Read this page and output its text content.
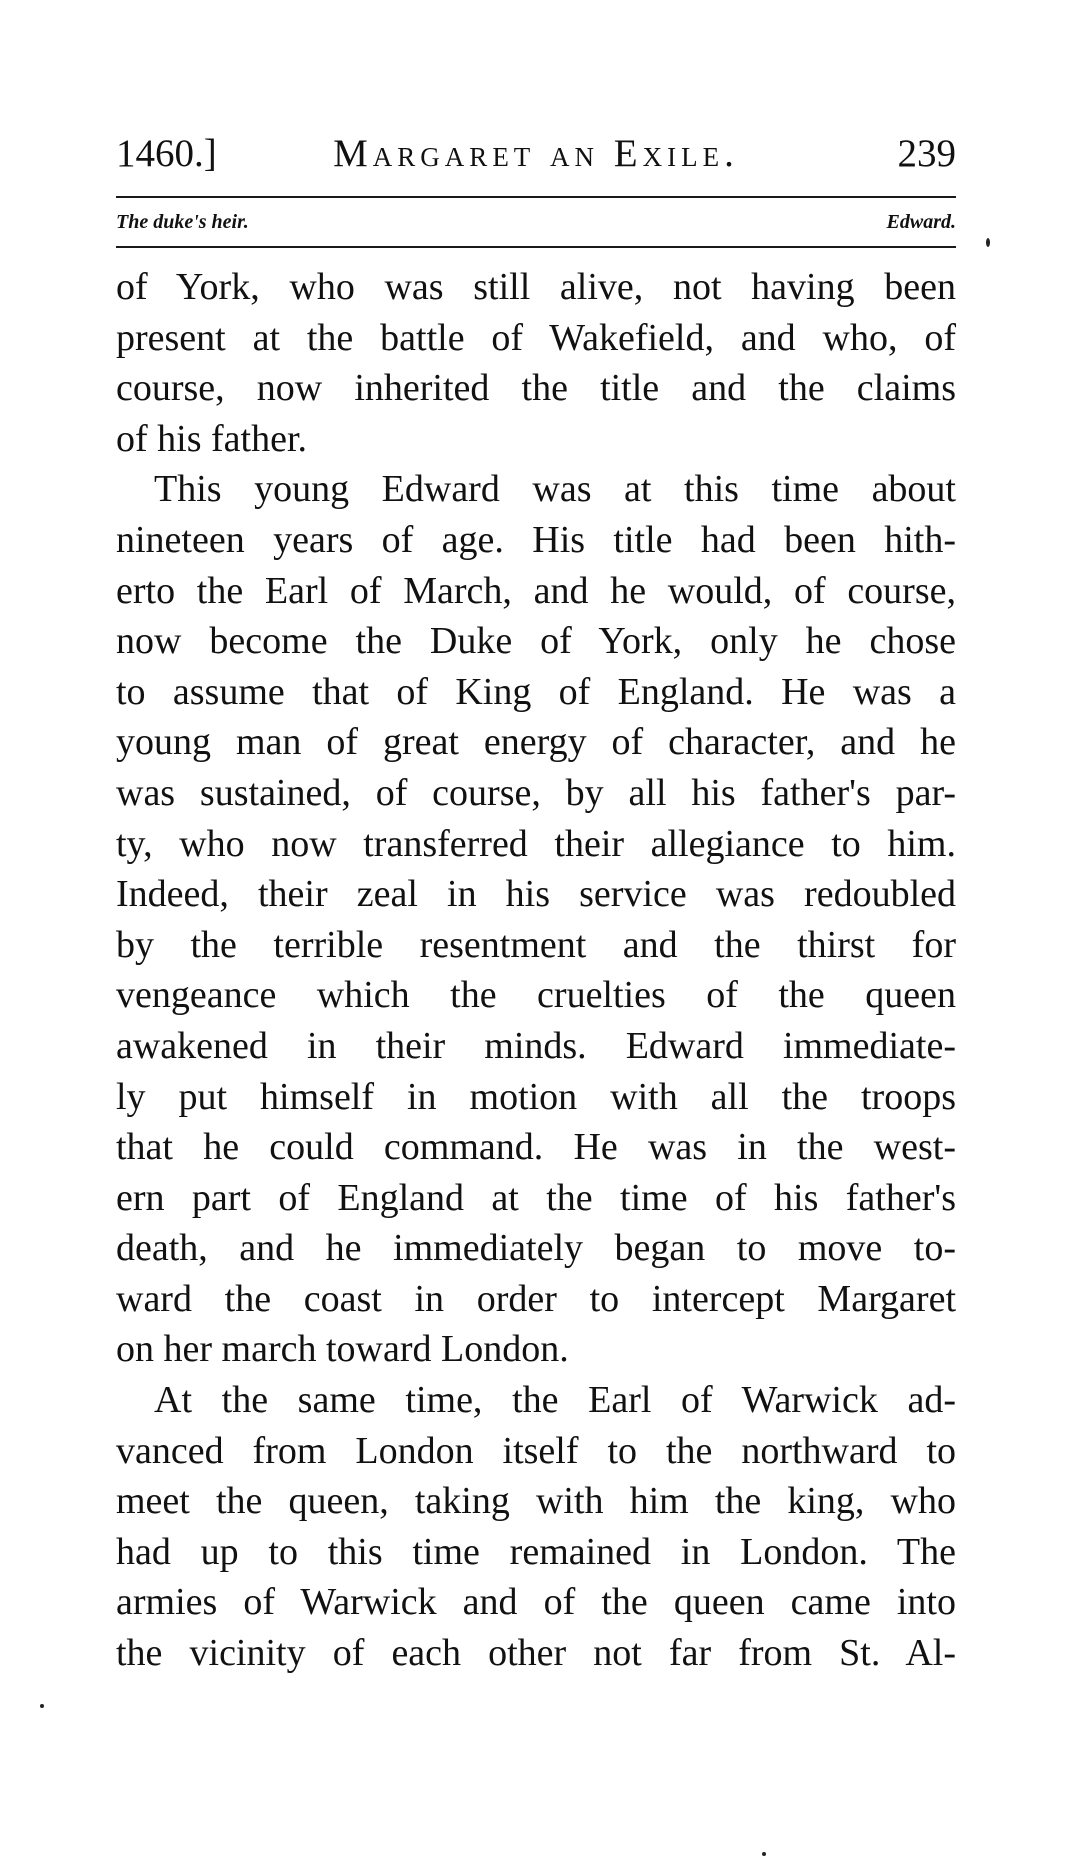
1460.]	Margaret an Exile.	239
The duke's heir.	Edward.

of York, who was still alive, not having been
present at the battle of Wakefield, and who, of
course, now inherited the title and the claims
of his father.

This young Edward was at this time about
nineteen years of age. His title had been hith-
erto the Earl of March, and he would, of course,
now become the Duke of York, only he chose
to assume that of King of England. He was a
young man of great energy of character, and he
was sustained, of course, by all his father's par-
ty, who now transferred their allegiance to him.
Indeed, their zeal in his service was redoubled
by the terrible resentment and the thirst for
vengeance which the cruelties of the queen
awakened in their minds. Edward immediate-
ly put himself in motion with all the troops
that he could command. He was in the west-
ern part of England at the time of his father's
death, and he immediately began to move to-
ward the coast in order to intercept Margaret
on her march toward London.

At the same time, the Earl of Warwick ad-
vanced from London itself to the northward to
meet the queen, taking with him the king, who
had up to this time remained in London. The
armies of Warwick and of the queen came into
the vicinity of each other not far from St. Al-
